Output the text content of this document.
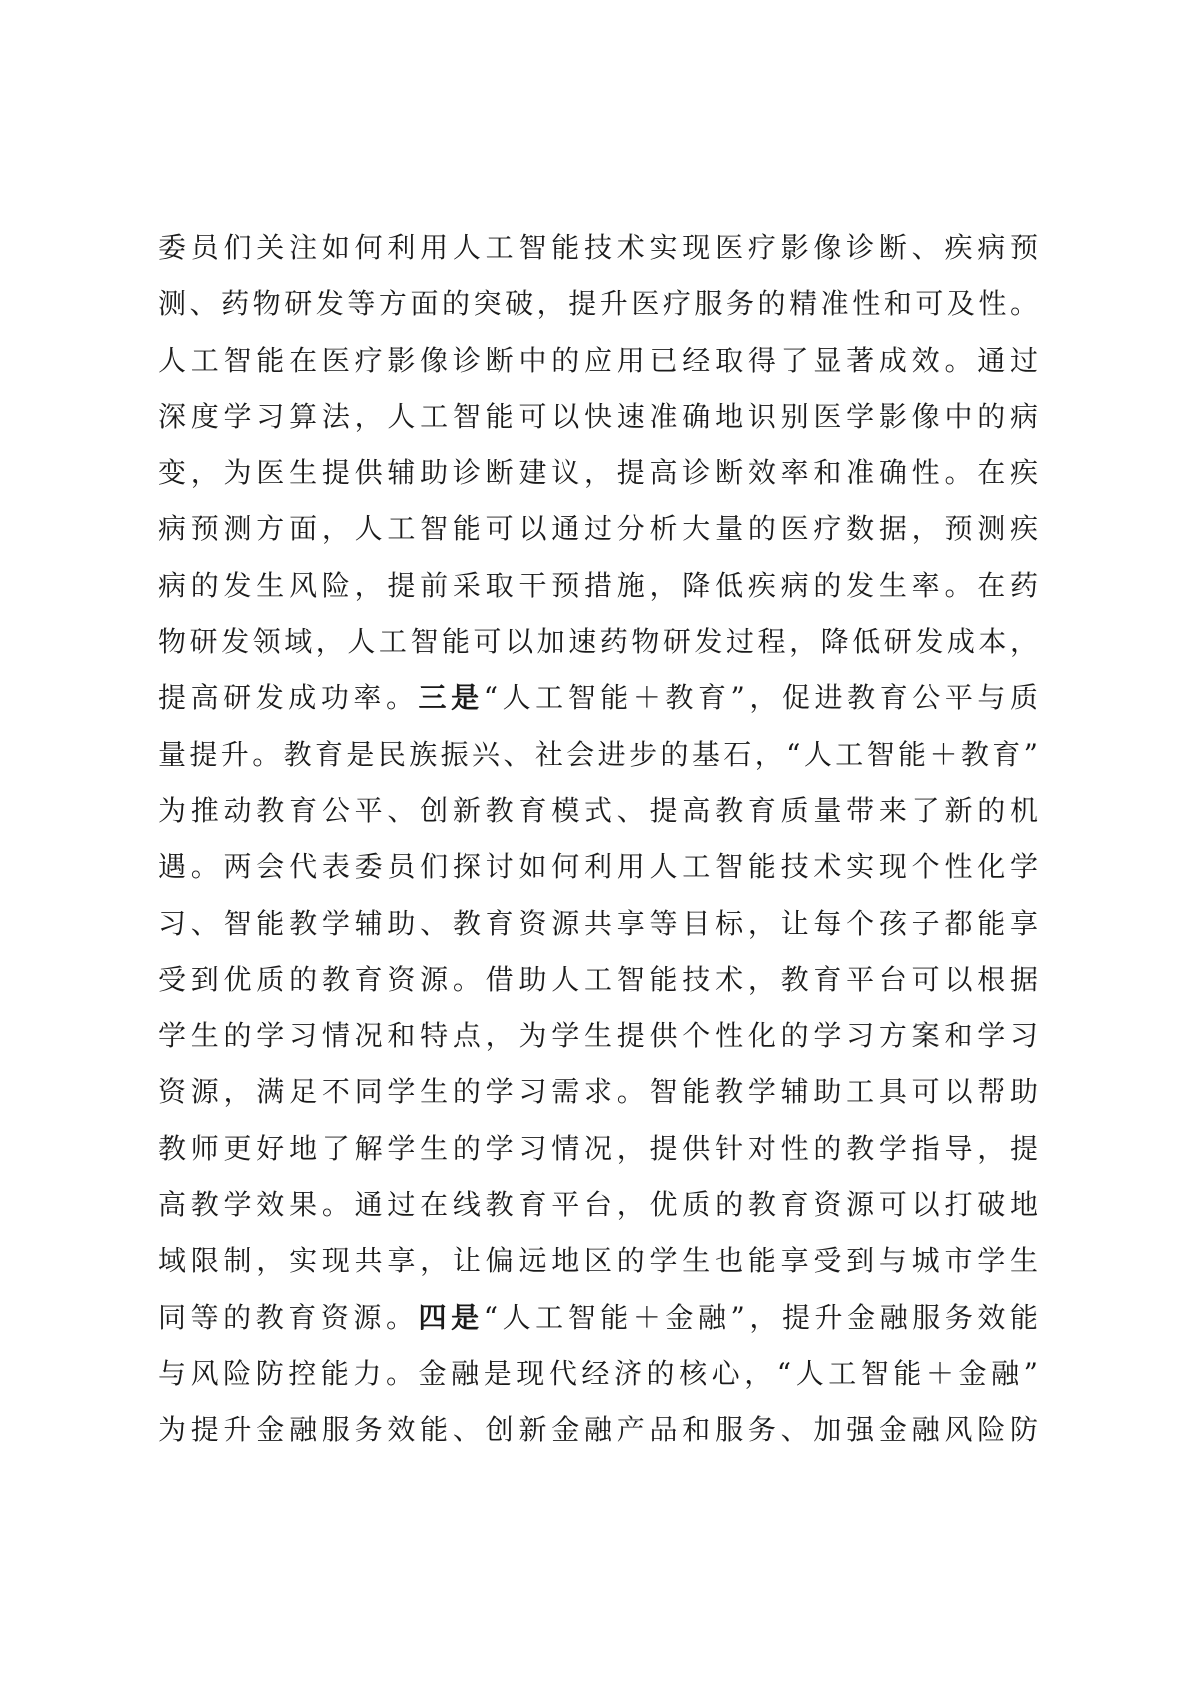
委员们关注如何利用人工智能技术实现医疗影像诊断、疾病预
测、药物研发等方面的突破，提升医疗服务的精准性和可及性。
人工智能在医疗影像诊断中的应用已经取得了显著成效。通过
深度学习算法，人工智能可以快速准确地识别医学影像中的病
变，为医生提供辅助诊断建议，提高诊断效率和准确性。在疾
病预测方面，人工智能可以通过分析大量的医疗数据，预测疾
病的发生风险，提前采取干预措施，降低疾病的发生率。在药
物研发领域，人工智能可以加速药物研发过程，降低研发成本，
提高研发成功率。三是“人工智能＋教育”，促进教育公平与质
量提升。教育是民族振兴、社会进步的基石，“人工智能＋教育”
为推动教育公平、创新教育模式、提高教育质量带来了新的机
遇。两会代表委员们探讨如何利用人工智能技术实现个性化学
习、智能教学辅助、教育资源共享等目标，让每个孩子都能享
受到优质的教育资源。借助人工智能技术，教育平台可以根据
学生的学习情况和特点，为学生提供个性化的学习方案和学习
资源，满足不同学生的学习需求。智能教学辅助工具可以帮助
教师更好地了解学生的学习情况，提供针对性的教学指导，提
高教学效果。通过在线教育平台，优质的教育资源可以打破地
域限制，实现共享，让偏远地区的学生也能享受到与城市学生
同等的教育资源。四是“人工智能＋金融”，提升金融服务效能
与风险防控能力。金融是现代经济的核心，“人工智能＋金融”
为提升金融服务效能、创新金融产品和服务、加强金融风险防
